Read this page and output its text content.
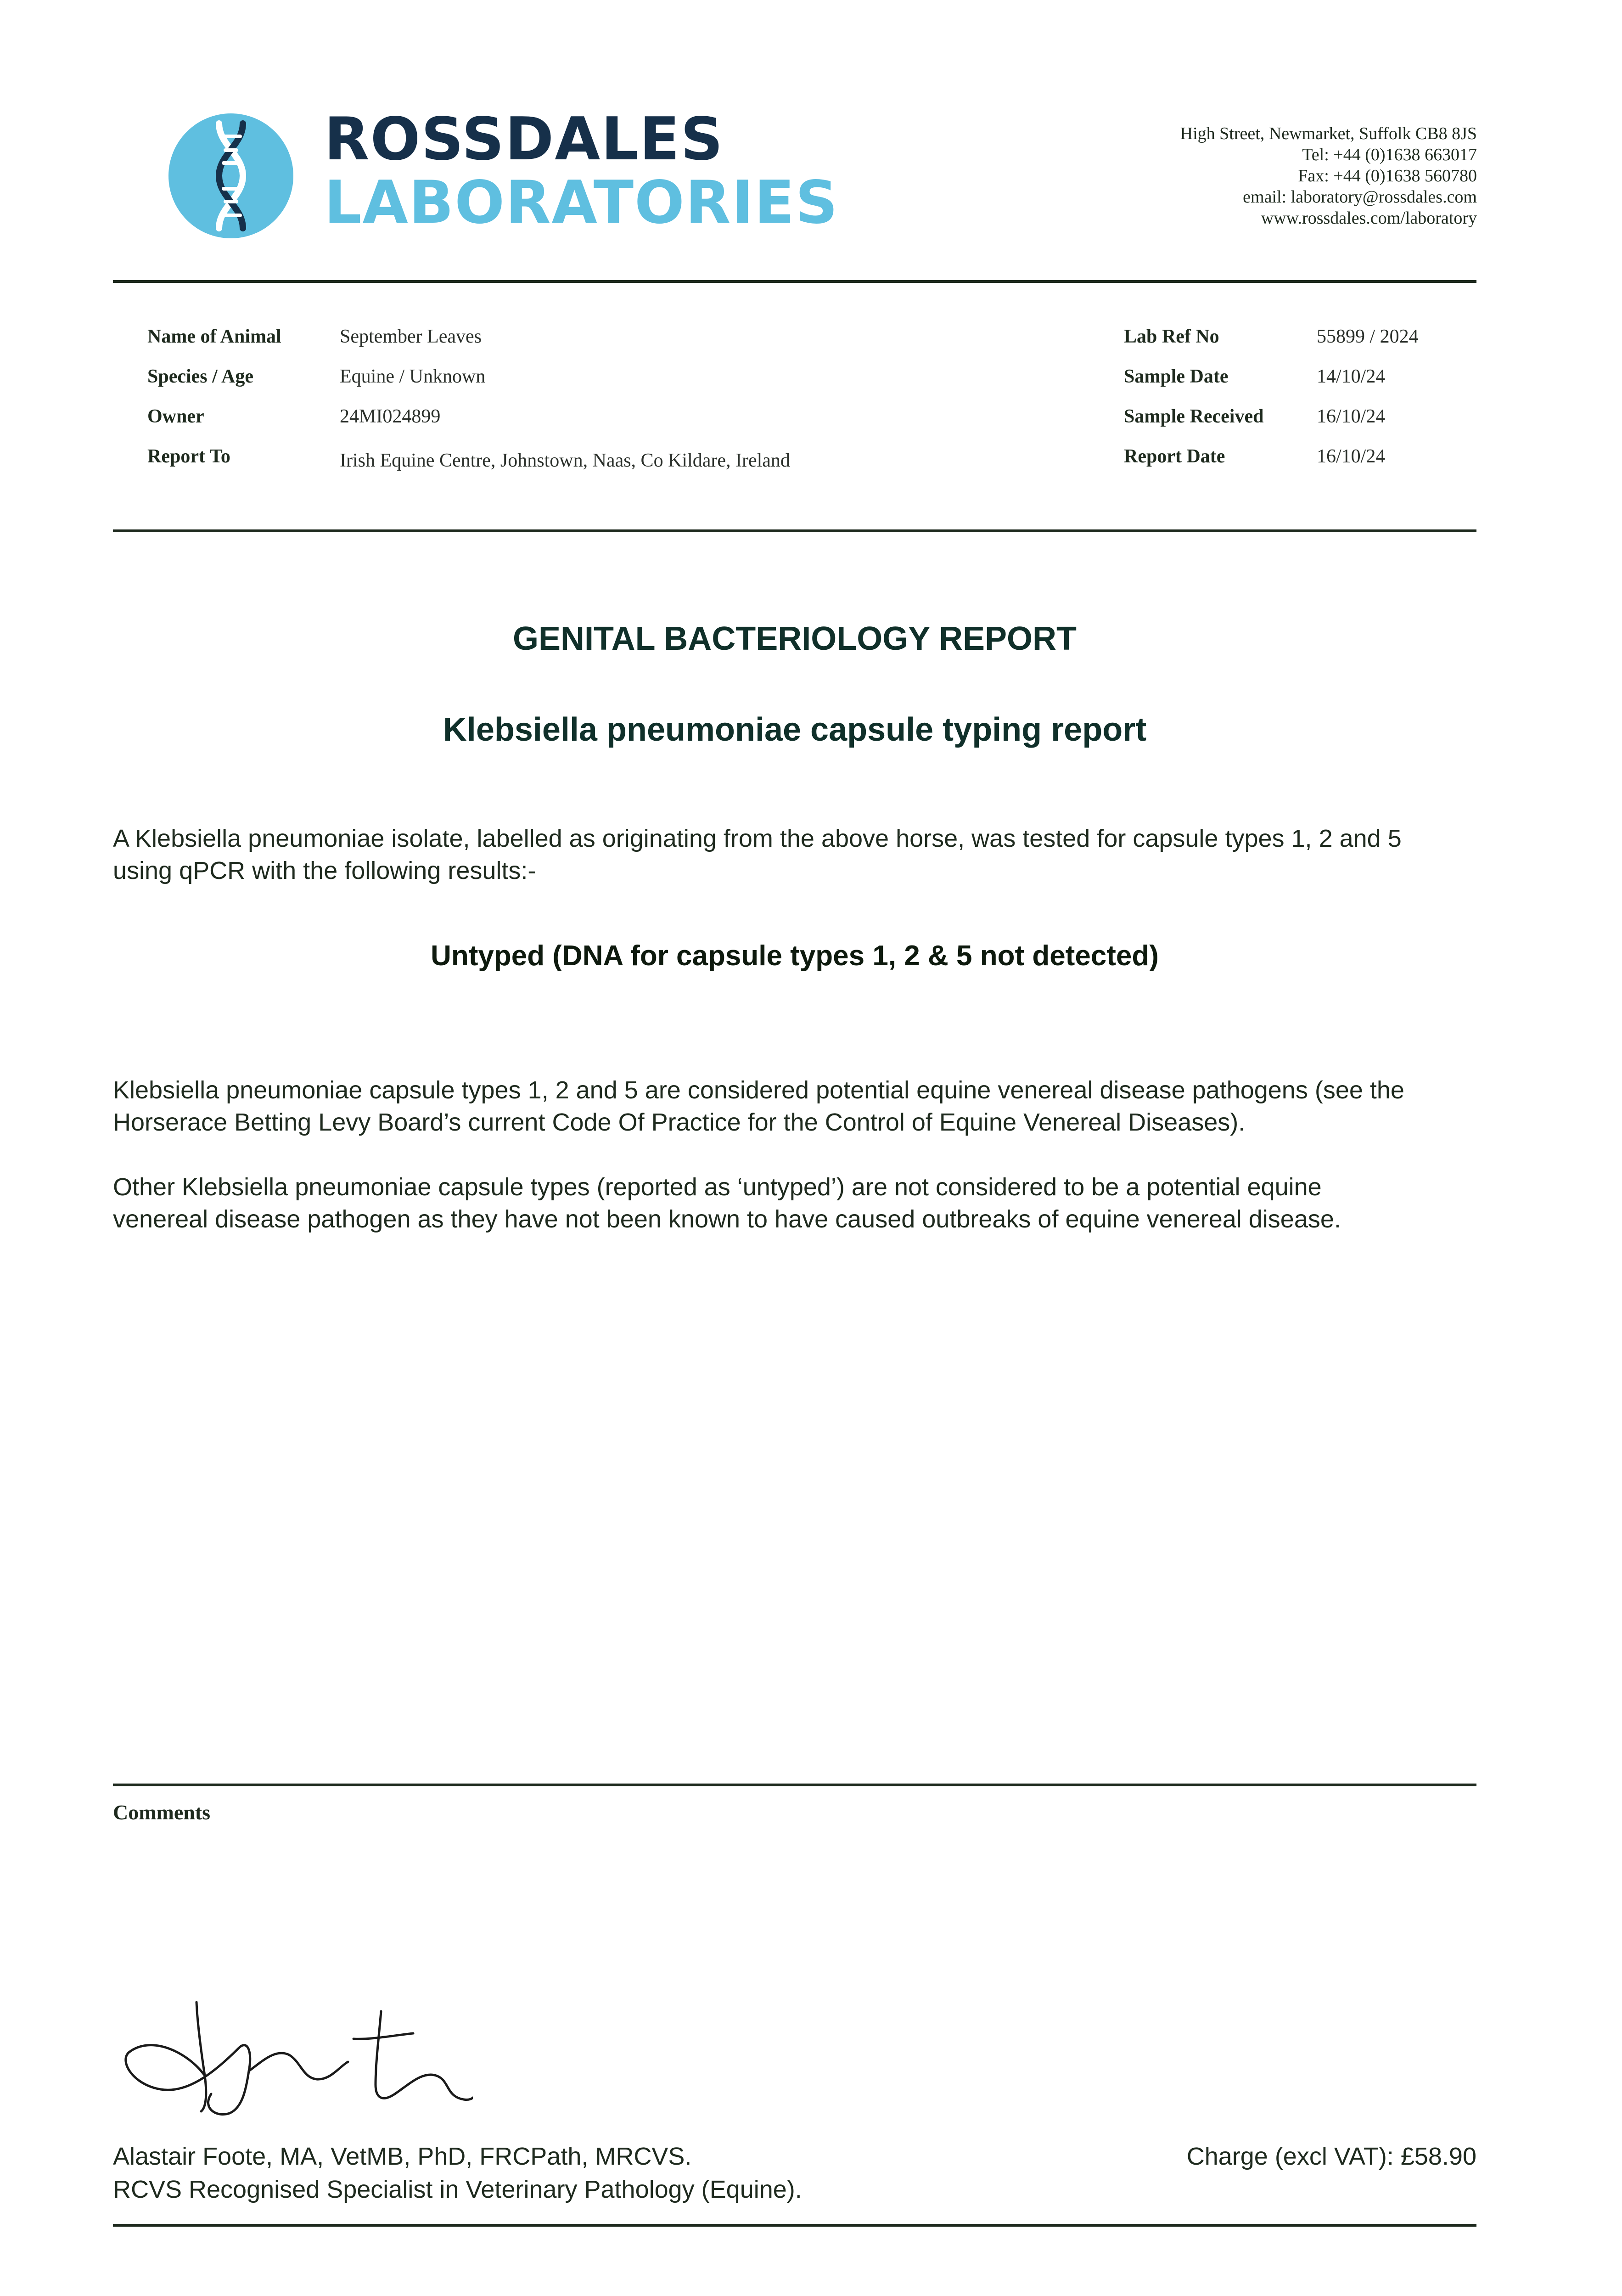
ROSSDALES
LABORATORIES
High Street, Newmarket, Suffolk CB8 8JS
Tel: +44 (0)1638 663017
Fax: +44 (0)1638 560780
email: laboratory@rossdales.com
www.rossdales.com/laboratory
Name of Animal	September Leaves
Species / Age	Equine / Unknown
Owner	24MI024899
Report To	Irish Equine Centre, Johnstown, Naas, Co Kildare, Ireland
Lab Ref No	55899 / 2024
Sample Date	14/10/24
Sample Received	16/10/24
Report Date	16/10/24
GENITAL BACTERIOLOGY REPORT
Klebsiella pneumoniae capsule typing report
A Klebsiella pneumoniae isolate, labelled as originating from the above horse, was tested for capsule types 1, 2 and 5
using qPCR with the following results:-
Untyped (DNA for capsule types 1, 2 & 5 not detected)
Klebsiella pneumoniae capsule types 1, 2 and 5 are considered potential equine venereal disease pathogens (see the
Horserace Betting Levy Board’s current Code Of Practice for the Control of Equine Venereal Diseases).
Other Klebsiella pneumoniae capsule types (reported as ‘untyped’) are not considered to be a potential equine
venereal disease pathogen as they have not been known to have caused outbreaks of equine venereal disease.
Comments
Alastair Foote, MA, VetMB, PhD, FRCPath, MRCVS.
RCVS Recognised Specialist in Veterinary Pathology (Equine).
Charge (excl VAT): £58.90
